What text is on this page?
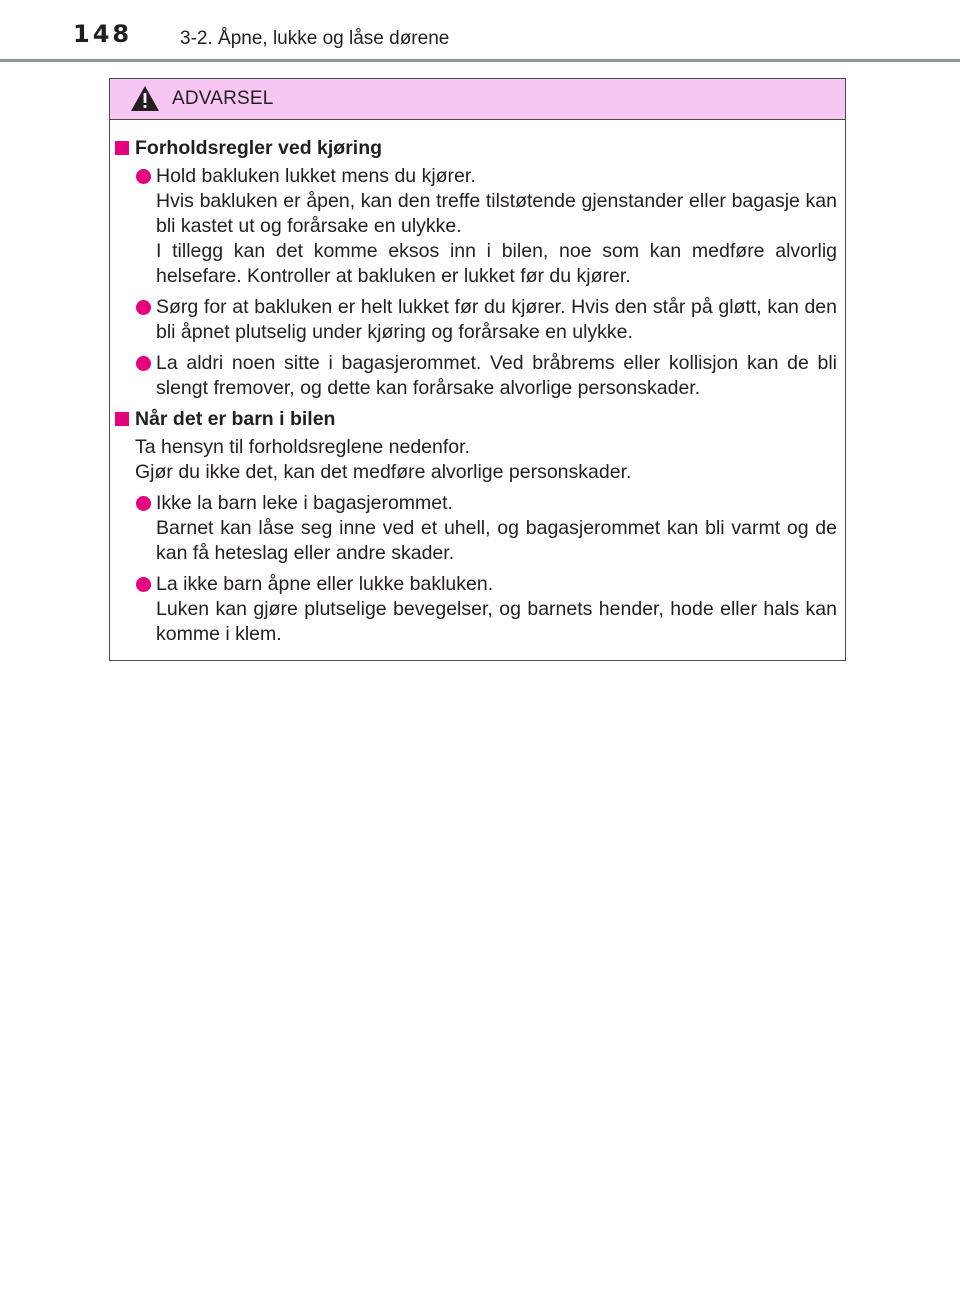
148	3-2. Åpne, lukke og låse dørene
ADVARSEL
Forholdsregler ved kjøring
Hold bakluken lukket mens du kjører.
Hvis bakluken er åpen, kan den treffe tilstøtende gjenstander eller bagasje kan bli kastet ut og forårsake en ulykke.
I tillegg kan det komme eksos inn i bilen, noe som kan medføre alvorlig helsefare. Kontroller at bakluken er lukket før du kjører.
Sørg for at bakluken er helt lukket før du kjører. Hvis den står på gløtt, kan den bli åpnet plutselig under kjøring og forårsake en ulykke.
La aldri noen sitte i bagasjerommet. Ved bråbrems eller kollisjon kan de bli slengt fremover, og dette kan forårsake alvorlige personskader.
Når det er barn i bilen
Ta hensyn til forholdsreglene nedenfor.
Gjør du ikke det, kan det medføre alvorlige personskader.
Ikke la barn leke i bagasjerommet.
Barnet kan låse seg inne ved et uhell, og bagasjerommet kan bli varmt og de kan få heteslag eller andre skader.
La ikke barn åpne eller lukke bakluken.
Luken kan gjøre plutselige bevegelser, og barnets hender, hode eller hals kan komme i klem.
